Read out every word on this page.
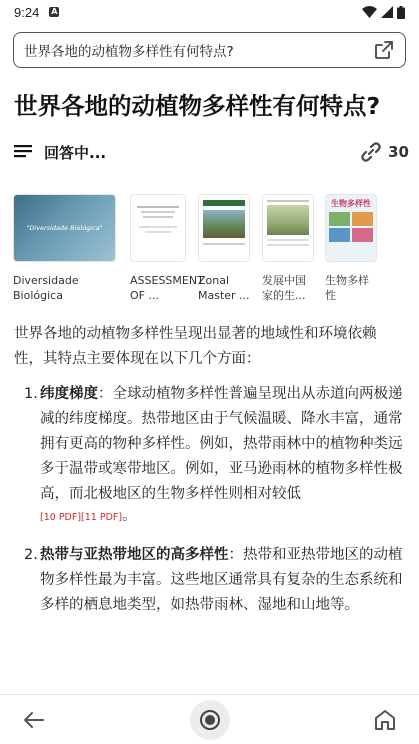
9:24 A
世界各地的动植物多样性有何特点?
世界各地的动植物多样性有何特点?
回答中...	30
"Diversidade Biológica"
Diversidade Biológica
ASSESSMENT OF ...
Zonal Master ...
发展中国家的生...
生物多样性
生物多样性

世界各地的动植物多样性呈现出显著的地域性和环境依赖性，其特点主要体现在以下几个方面：

1. 纬度梯度：全球动植物多样性普遍呈现出从赤道向两极递减的纬度梯度。热带地区由于气候温暖、降水丰富，通常拥有更高的物种多样性。例如，热带雨林中的植物种类远多于温带或寒带地区。例如，亚马逊雨林的植物多样性极高，而北极地区的生物多样性则相对较低
[10 PDF][11 PDF]。
2. 热带与亚热带地区的高多样性：热带和亚热带地区的动植物多样性最为丰富。这些地区通常具有复杂的生态系统和多样的栖息地类型，如热带雨林、湿地和山地等。
